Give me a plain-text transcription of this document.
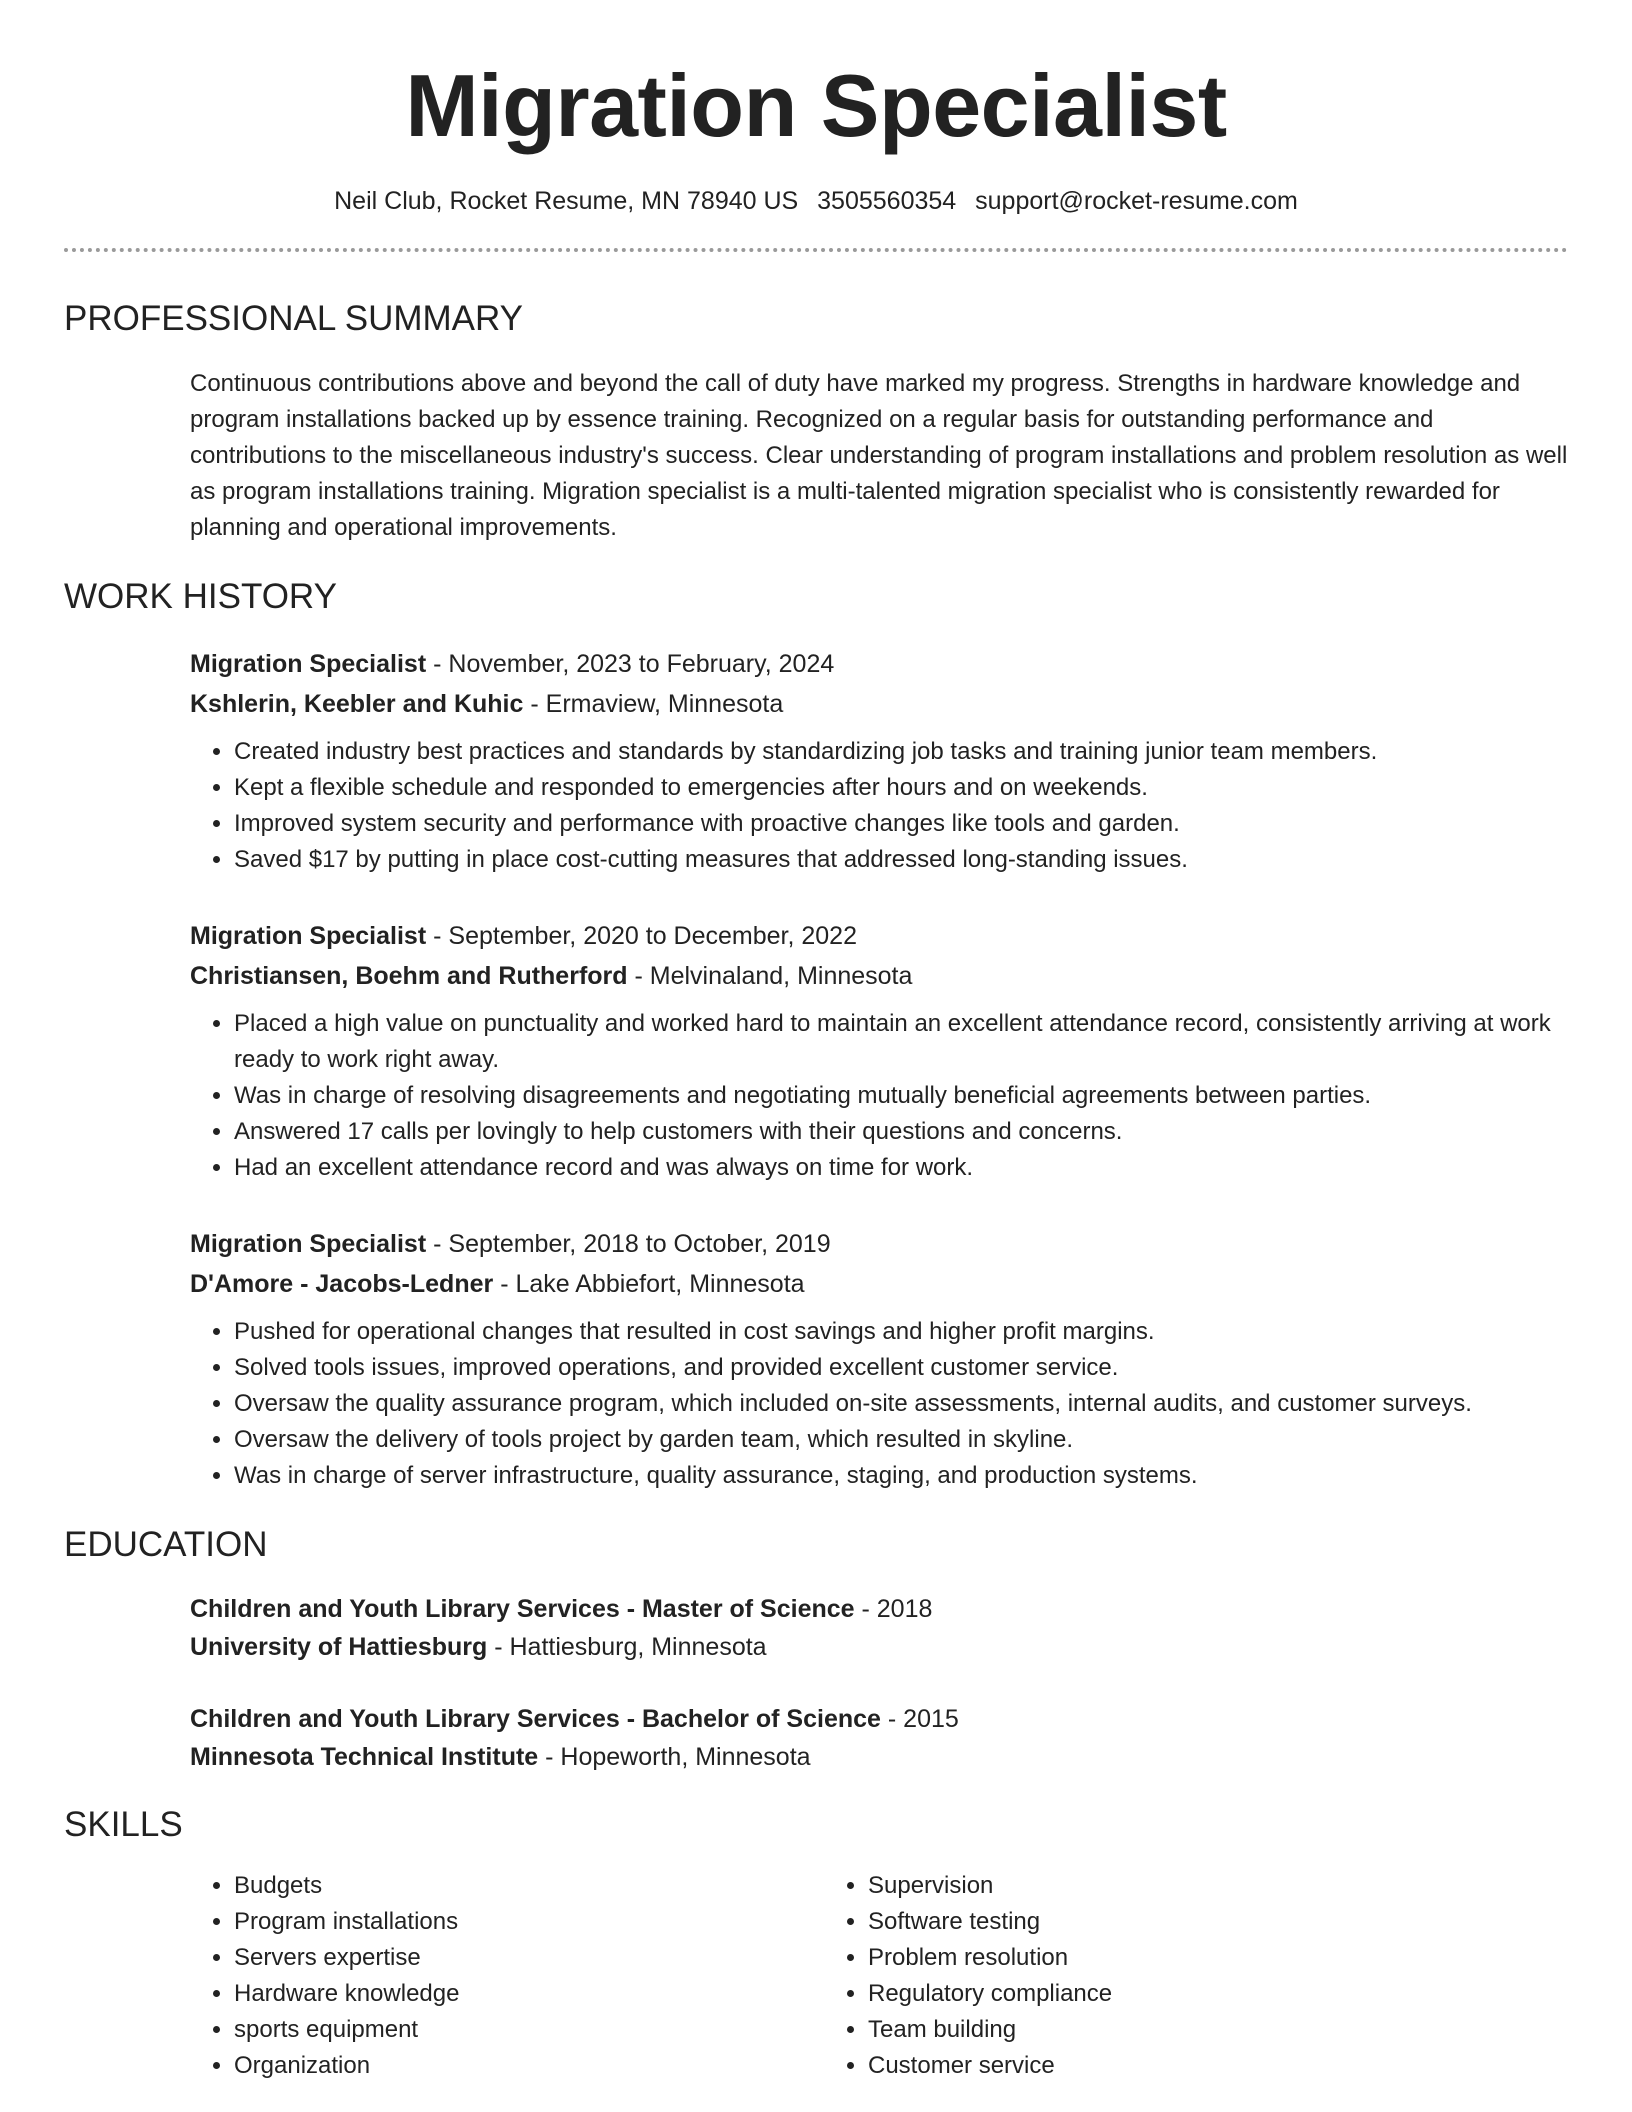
Migration Specialist
Neil Club, Rocket Resume, MN 78940 US 3505560354 support@rocket-resume.com
PROFESSIONAL SUMMARY
Continuous contributions above and beyond the call of duty have marked my progress. Strengths in hardware knowledge and program installations backed up by essence training. Recognized on a regular basis for outstanding performance and contributions to the miscellaneous industry's success. Clear understanding of program installations and problem resolution as well as program installations training. Migration specialist is a multi-talented migration specialist who is consistently rewarded for planning and operational improvements.
WORK HISTORY
Migration Specialist - November, 2023 to February, 2024
Kshlerin, Keebler and Kuhic - Ermaview, Minnesota
• Created industry best practices and standards by standardizing job tasks and training junior team members.
• Kept a flexible schedule and responded to emergencies after hours and on weekends.
• Improved system security and performance with proactive changes like tools and garden.
• Saved $17 by putting in place cost-cutting measures that addressed long-standing issues.
Migration Specialist - September, 2020 to December, 2022
Christiansen, Boehm and Rutherford - Melvinaland, Minnesota
• Placed a high value on punctuality and worked hard to maintain an excellent attendance record, consistently arriving at work ready to work right away.
• Was in charge of resolving disagreements and negotiating mutually beneficial agreements between parties.
• Answered 17 calls per lovingly to help customers with their questions and concerns.
• Had an excellent attendance record and was always on time for work.
Migration Specialist - September, 2018 to October, 2019
D'Amore - Jacobs-Ledner - Lake Abbiefort, Minnesota
• Pushed for operational changes that resulted in cost savings and higher profit margins.
• Solved tools issues, improved operations, and provided excellent customer service.
• Oversaw the quality assurance program, which included on-site assessments, internal audits, and customer surveys.
• Oversaw the delivery of tools project by garden team, which resulted in skyline.
• Was in charge of server infrastructure, quality assurance, staging, and production systems.
EDUCATION
Children and Youth Library Services - Master of Science - 2018
University of Hattiesburg - Hattiesburg, Minnesota
Children and Youth Library Services - Bachelor of Science - 2015
Minnesota Technical Institute - Hopeworth, Minnesota
SKILLS
• Budgets
• Program installations
• Servers expertise
• Hardware knowledge
• sports equipment
• Organization
• Supervision
• Software testing
• Problem resolution
• Regulatory compliance
• Team building
• Customer service
